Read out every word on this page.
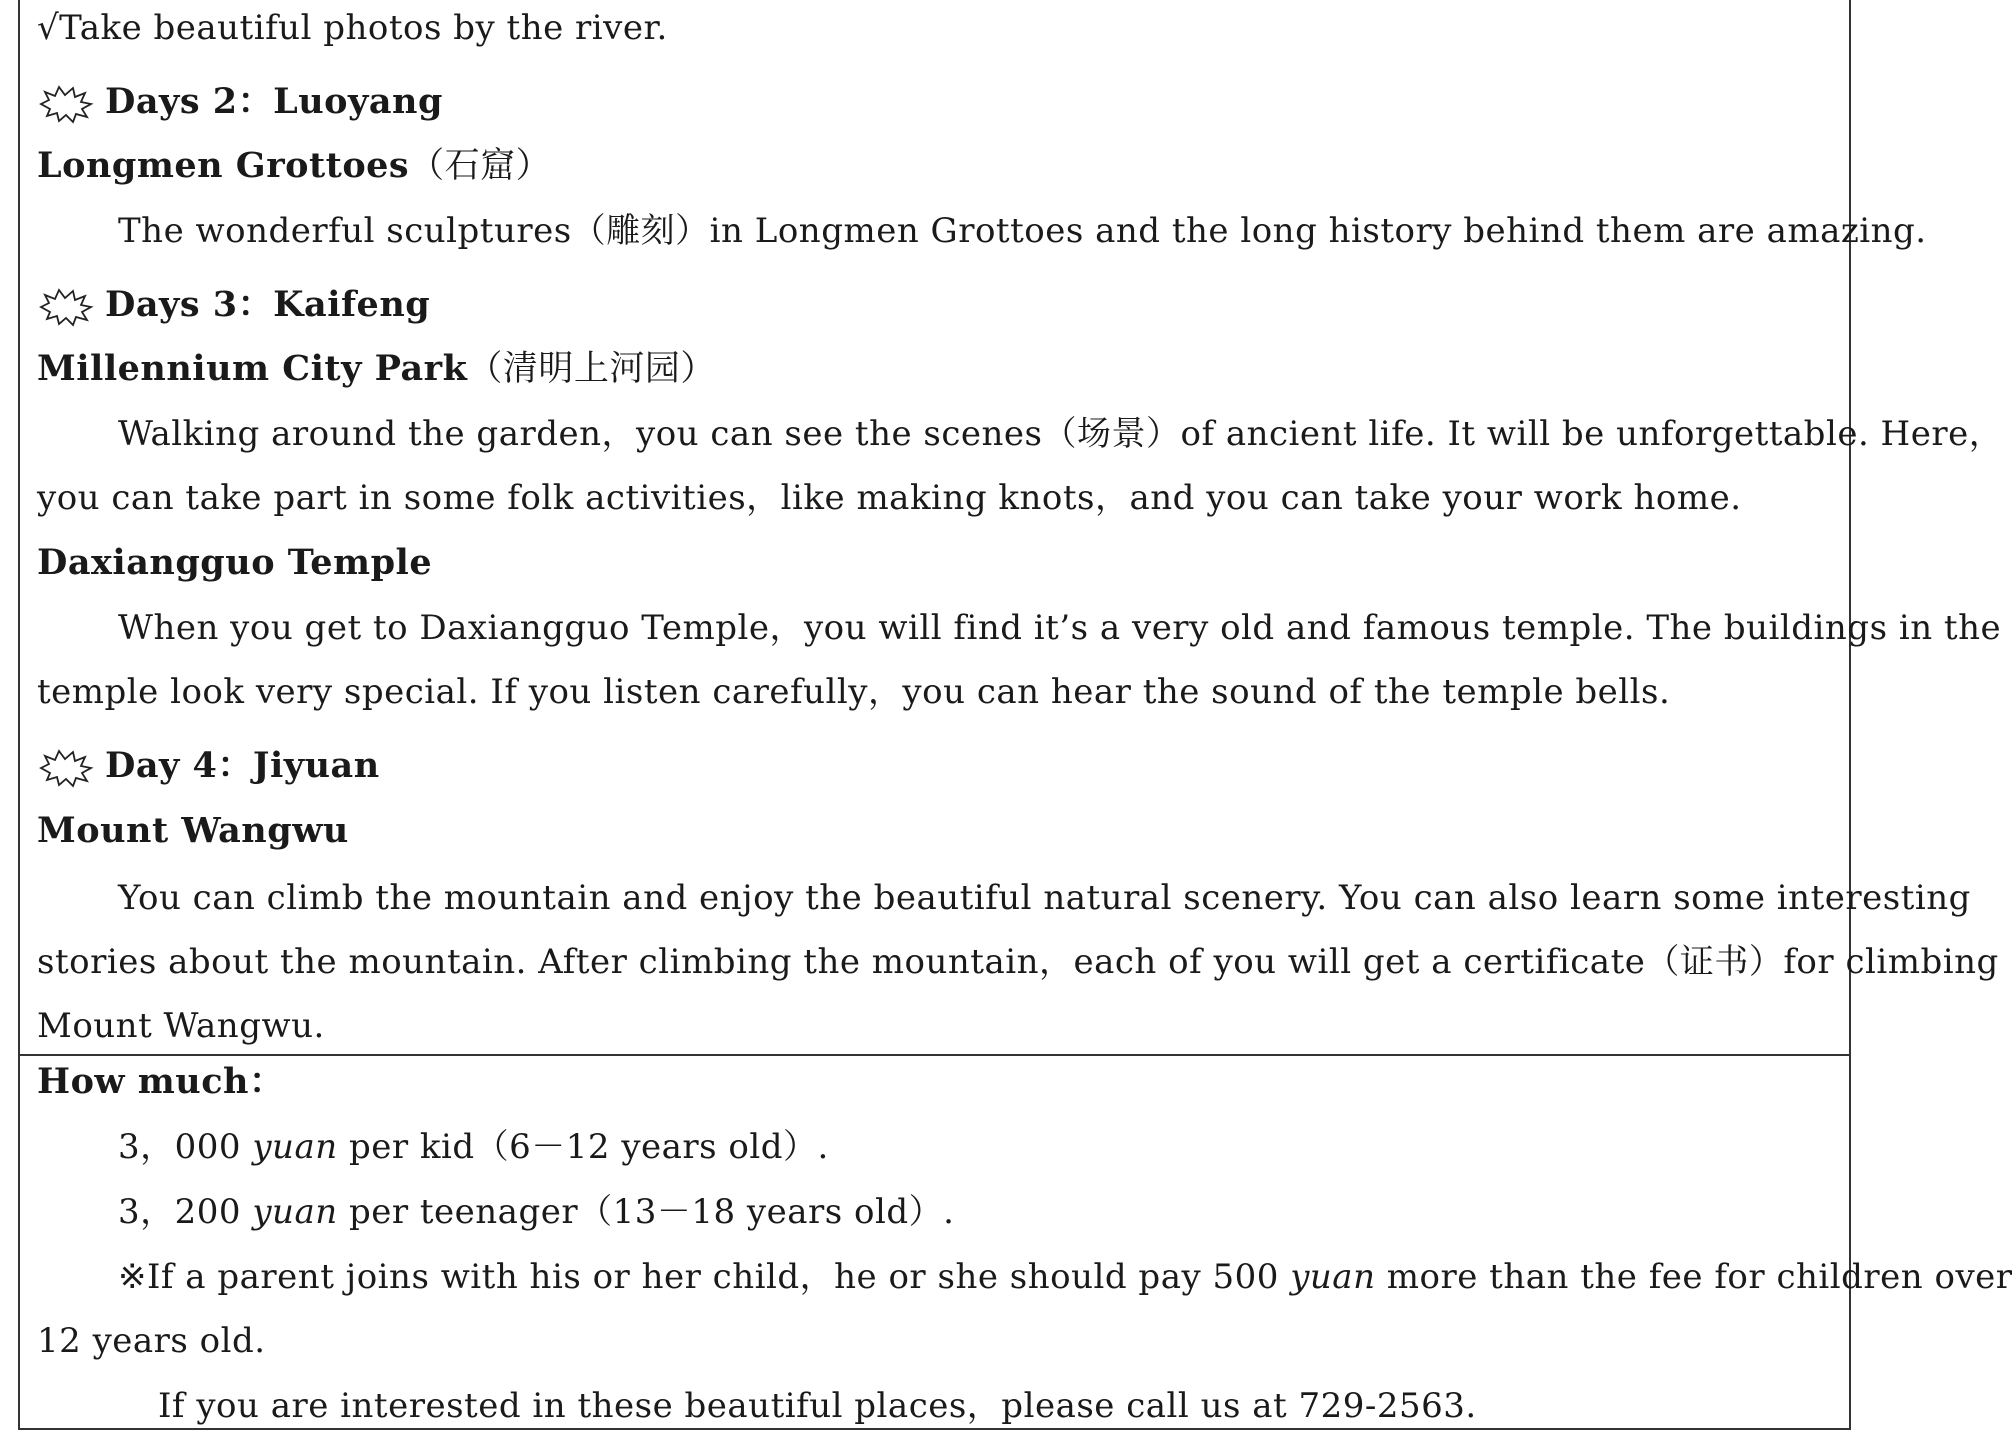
√Take beautiful photos by the river.
Days 2：Luoyang
Longmen Grottoes（石窟）
The wonderful sculptures（雕刻）in Longmen Grottoes and the long history behind them are amazing.
Days 3：Kaifeng
Millennium City Park（清明上河园）
Walking around the garden，you can see the scenes（场景）of ancient life. It will be unforgettable. Here，
you can take part in some folk activities，like making knots，and you can take your work home.
Daxiangguo Temple
When you get to Daxiangguo Temple，you will find it’s a very old and famous temple. The buildings in the
temple look very special. If you listen carefully，you can hear the sound of the temple bells.
Day 4：Jiyuan
Mount Wangwu
You can climb the mountain and enjoy the beautiful natural scenery. You can also learn some interesting
stories about the mountain. After climbing the mountain，each of you will get a certificate（证书）for climbing
Mount Wangwu.
How much：
3，000 yuan per kid（6－12 years old）.
3，200 yuan per teenager（13－18 years old）.
※If a parent joins with his or her child，he or she should pay 500 yuan more than the fee for children over
12 years old.
If you are interested in these beautiful places，please call us at 729-2563.
